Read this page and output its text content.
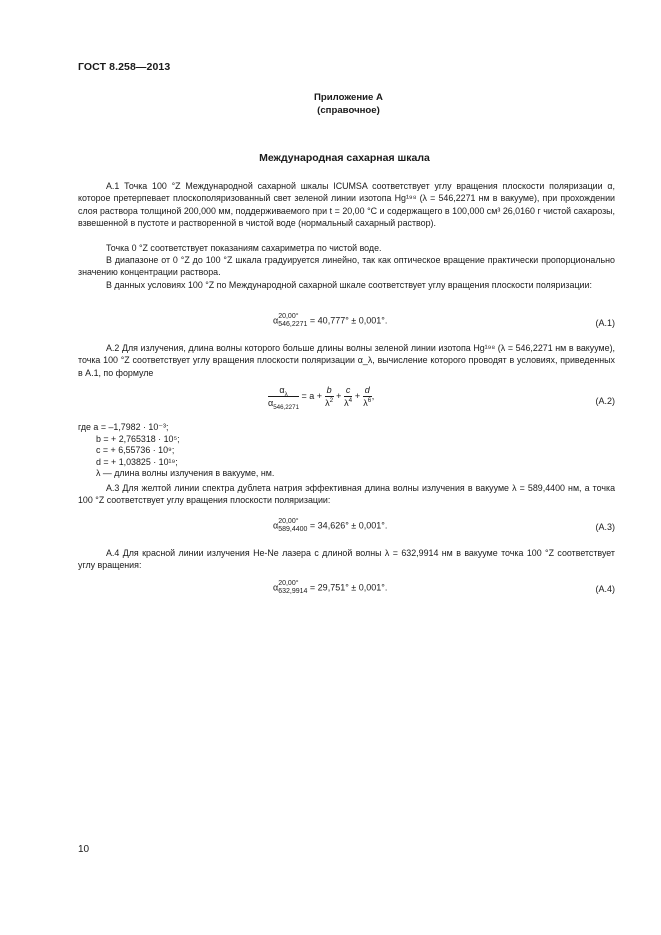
ГОСТ 8.258—2013
Приложение А
(справочное)
Международная сахарная шкала
А.1 Точка 100 °Z Международной сахарной шкалы ICUMSA соответствует углу вращения плоскости поляризации α, которое претерпевает плоскополяризованный свет зеленой линии изотопа Hg¹⁹⁸ (λ = 546,2271 нм в вакууме), при прохождении слоя раствора толщиной 200,000 мм, поддерживаемого при t = 20,00 °С и содержащего в 100,000 см³ 26,0160 г чистой сахарозы, взвешенной в пустоте и растворенной в чистой воде (нормальный сахарный раствор).
Точка 0 °Z соответствует показаниям сахариметра по чистой воде.
В диапазоне от 0 °Z до 100 °Z шкала градуируется линейно, так как оптическое вращение практически пропорционально значению концентрации раствора.
В данных условиях 100 °Z по Международной сахарной шкале соответствует углу вращения плоскости поляризации:
α 20,00°
546,2271 = 40,777° ± 0,001°.	(А.1)
А.2 Для излучения, длина волны которого больше длины волны зеленой линии изотопа Hg¹⁹⁸ (λ = 546,2271 нм в вакууме), точка 100 °Z соответствует углу вращения плоскости поляризации α_λ, вычисление которого проводят в условиях, приведенных в А.1, по формуле
$\frac{\alpha_\lambda}{\alpha_{546,2271}} = a + \frac{b}{\lambda^2} + \frac{c}{\lambda^4} + \frac{d}{\lambda^6}$ ,
(А.2)
где a = –1,7982 · 10⁻³;
b = + 2,765318 · 10⁵;
c = + 6,55736 · 10⁹;
d = + 1,03825 · 10¹⁹;
λ — длина волны излучения в вакууме, нм.
А.3 Для желтой линии спектра дублета натрия эффективная длина волны излучения в вакууме λ = 589,4400 нм, а точка 100 °Z соответствует углу вращения плоскости поляризации:
α 20,00°
589,4400 = 34,626° ± 0,001°.	(А.3)
А.4 Для красной линии излучения He-Ne лазера с длиной волны λ = 632,9914 нм в вакууме точка 100 °Z соответствует углу вращения:
α 20,00°
632,9914 = 29,751° ± 0,001°.	(А.4)
10
